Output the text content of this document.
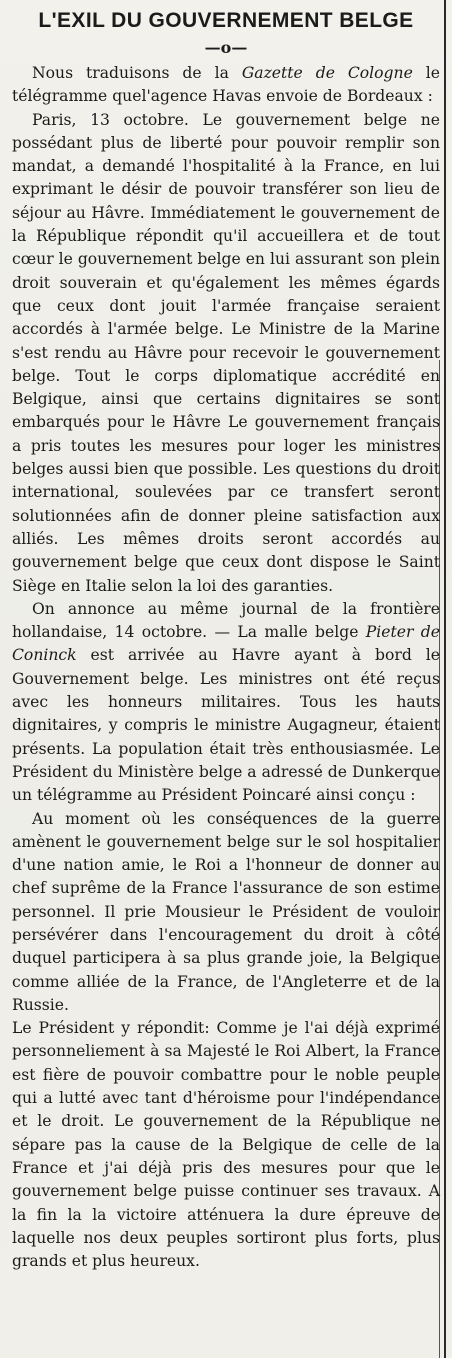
L'EXIL DU GOUVERNEMENT BELGE
—o—

Nous traduisons de la Gazette de Cologne le télégramme quel'agence Havas envoie de Bordeaux :

Paris, 13 octobre. Le gouvernement belge ne possédant plus de liberté pour pouvoir remplir son mandat, a demandé l'hospitalité à la France, en lui exprimant le désir de pouvoir transférer son lieu de séjour au Hâvre. Immédiatement le gouvernement de la République répondit qu'il accueillera et de tout cœur le gouvernement belge en lui assurant son plein droit souverain et qu'également les mêmes égards que ceux dont jouit l'armée française seraient accordés à l'armée belge. Le Ministre de la Marine s'est rendu au Hâvre pour recevoir le gouvernement belge. Tout le corps diplomatique accrédité en Belgique, ainsi que certains dignitaires se sont embarqués pour le Hâvre Le gouvernement français a pris toutes les mesures pour loger les ministres belges aussi bien que possible. Les questions du droit international, soulevées par ce transfert seront solutionnées afin de donner pleine satisfaction aux alliés. Les mêmes droits seront accordés au gouvernement belge que ceux dont dispose le Saint Siège en Italie selon la loi des garanties.

On annonce au même journal de la frontière hollandaise, 14 octobre. — La malle belge Pieter de Coninck est arrivée au Havre ayant à bord le Gouvernement belge. Les ministres ont été reçus avec les honneurs militaires. Tous les hauts dignitaires, y compris le ministre Augagneur, étaient présents. La population était très enthousiasmée. Le Président du Ministère belge a adressé de Dunkerque un télégramme au Président Poincaré ainsi conçu :

Au moment où les conséquences de la guerre amènent le gouvernement belge sur le sol hospitalier d'une nation amie, le Roi a l'honneur de donner au chef suprême de la France l'assurance de son estime personnel. Il prie Mousieur le Président de vouloir persévérer dans l'encouragement du droit à côté duquel participera à sa plus grande joie, la Belgique comme alliée de la France, de l'Angleterre et de la Russie.

Le Président y répondit: Comme je l'ai déjà exprimé personneliement à sa Majesté le Roi Albert, la France est fière de pouvoir combattre pour le noble peuple qui a lutté avec tant d'héroisme pour l'indépendance et le droit. Le gouvernement de la République ne sépare pas la cause de la Belgique de celle de la France et j'ai déjà pris des mesures pour que le gouvernement belge puisse continuer ses travaux. A la fin la la victoire atténuera la dure épreuve de laquelle nos deux peuples sortiront plus forts, plus grands et plus heureux.
